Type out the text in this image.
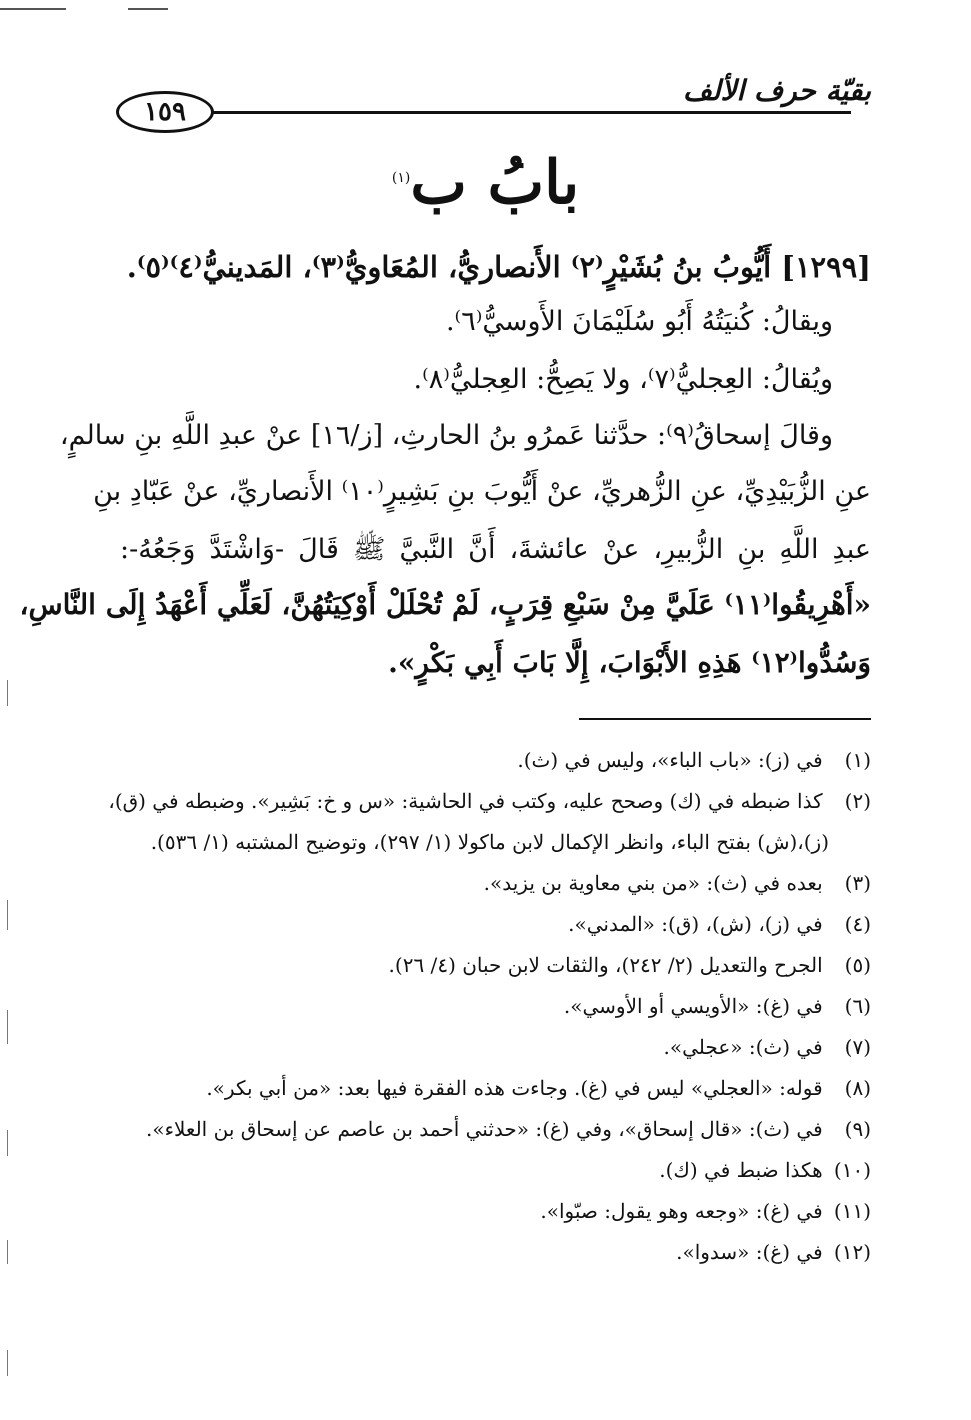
١٥٩
بقيّة حرف الألف
بابُ ب$^{(١)}$
[١٢٩٩] أَيُّوبُ بنُ بُشَيْرٍ⁽٢⁾ الأَنصاريُّ، المُعَاويُّ⁽٣⁾، المَدينيُّ⁽٤⁾⁽٥⁾.
ويقالُ: كُنيَتُهُ أَبُو سُلَيْمَانَ الأَوسيُّ⁽٦⁾.
ويُقالُ: العِجليُّ⁽٧⁾، ولا يَصِحُّ: العِجليُّ⁽٨⁾.
وقالَ إسحاقُ⁽٩⁾: حدَّثنا عَمرُو بنُ الحارثِ، [ز/١٦] عنْ عبدِ اللَّهِ بنِ سالمٍ،
عنِ الزُّبَيْدِيِّ، عنِ الزُّهريِّ، عنْ أَيُّوبَ بنِ بَشِيرٍ⁽١٠⁾ الأَنصاريِّ، عنْ عَبّادِ بنِ
عبدِ اللَّهِ بنِ الزُّبيرِ، عنْ عائشةَ، أَنَّ النَّبيَّ ﷺ قَالَ -وَاشْتَدَّ وَجَعُهُ-:
«أَهْرِيقُوا⁽١١⁾ عَلَيَّ مِنْ سَبْعِ قِرَبٍ، لَمْ تُحْلَلْ أَوْكِيَتُهُنَّ، لَعَلِّي أَعْهَدُ إِلَى النَّاسِ،
وَسُدُّوا⁽١٢⁾ هَذِهِ الأَبْوَابَ، إِلَّا بَابَ أَبِي بَكْرٍ».
(١) في (ز): «باب الباء»، وليس في (ث).
(٢) كذا ضبطه في (ك) وصحح عليه، وكتب في الحاشية: «س و خ: بَشِير». وضبطه في (ق)،
(ز)،(ش) بفتح الباء، وانظر الإكمال لابن ماكولا (١/ ٢٩٧)، وتوضيح المشتبه (١/ ٥٣٦).
(٣) بعده في (ث): «من بني معاوية بن يزيد».
(٤) في (ز)، (ش)، (ق): «المدني».
(٥) الجرح والتعديل (٢/ ٢٤٢)، والثقات لابن حبان (٤/ ٢٦).
(٦) في (غ): «الأويسي أو الأوسي».
(٧) في (ث): «عجلي».
(٨) قوله: «العجلي» ليس في (غ). وجاءت هذه الفقرة فيها بعد: «من أبي بكر».
(٩) في (ث): «قال إسحاق»، وفي (غ): «حدثني أحمد بن عاصم عن إسحاق بن العلاء».
(١٠) هكذا ضبط في (ك).
(١١) في (غ): «وجعه وهو يقول: صبّوا».
(١٢) في (غ): «سدوا».
